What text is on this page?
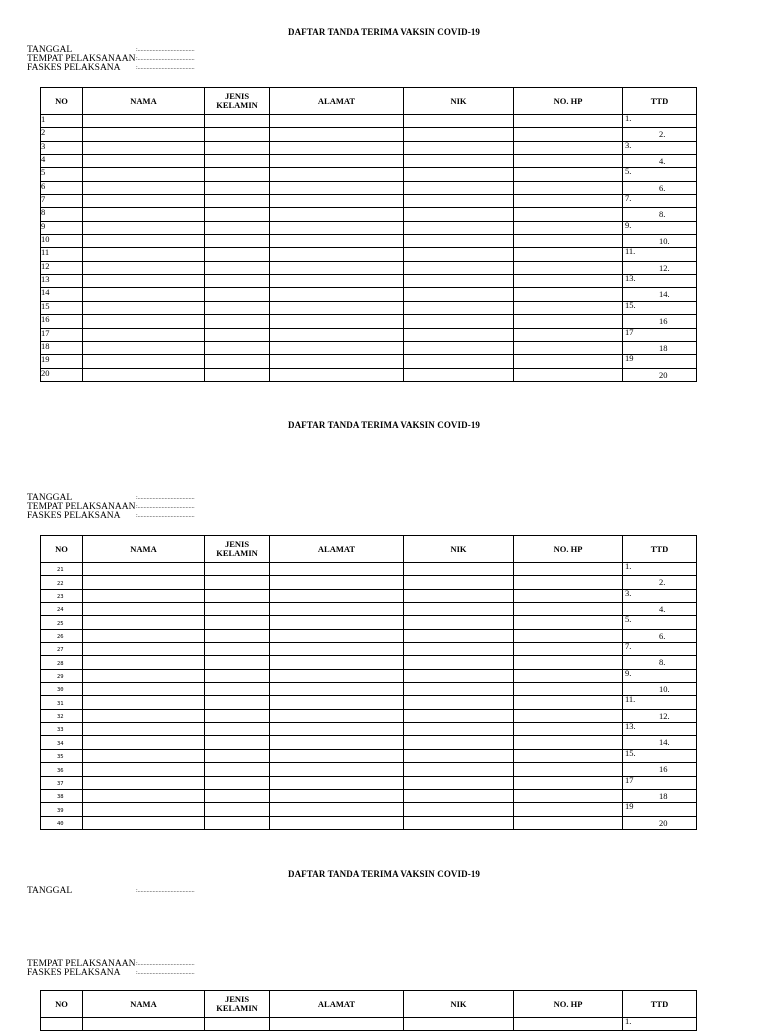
DAFTAR TANDA TERIMA VAKSIN COVID-19
TANGGAL	:......................................
TEMPAT PELAKSANAAN:......................................
FASKES PELAKSANA	:......................................
NO	NAMA	JENIS KELAMIN	ALAMAT	NIK	NO. HP	TTD
1						1.

2						2.

3						3.

4						4.

5						5.

6						6.

7						7.

8						8.

9						9.

10						10.

11						11.

12						12.

13						13.

14						14.

15						15.

16						16

17						17

18						18

19						19

20						20
DAFTAR TANDA TERIMA VAKSIN COVID-19
TANGGAL	:......................................
TEMPAT PELAKSANAAN:......................................
FASKES PELAKSANA	:......................................
NO	NAMA	JENIS KELAMIN	ALAMAT	NIK	NO. HP	TTD
21						1.

22						2.

23						3.

24						4.

25						5.

26						6.

27						7.

28						8.

29						9.

30						10.

31						11.

32						12.

33						13.

34						14.

35						15.

36						16

37						17

38						18

39						19

40						20
DAFTAR TANDA TERIMA VAKSIN COVID-19
TANGGAL	:......................................
TEMPAT PELAKSANAAN:......................................
FASKES PELAKSANA	:......................................
NO	NAMA	JENIS KELAMIN	ALAMAT	NIK	NO. HP	TTD

						1.
